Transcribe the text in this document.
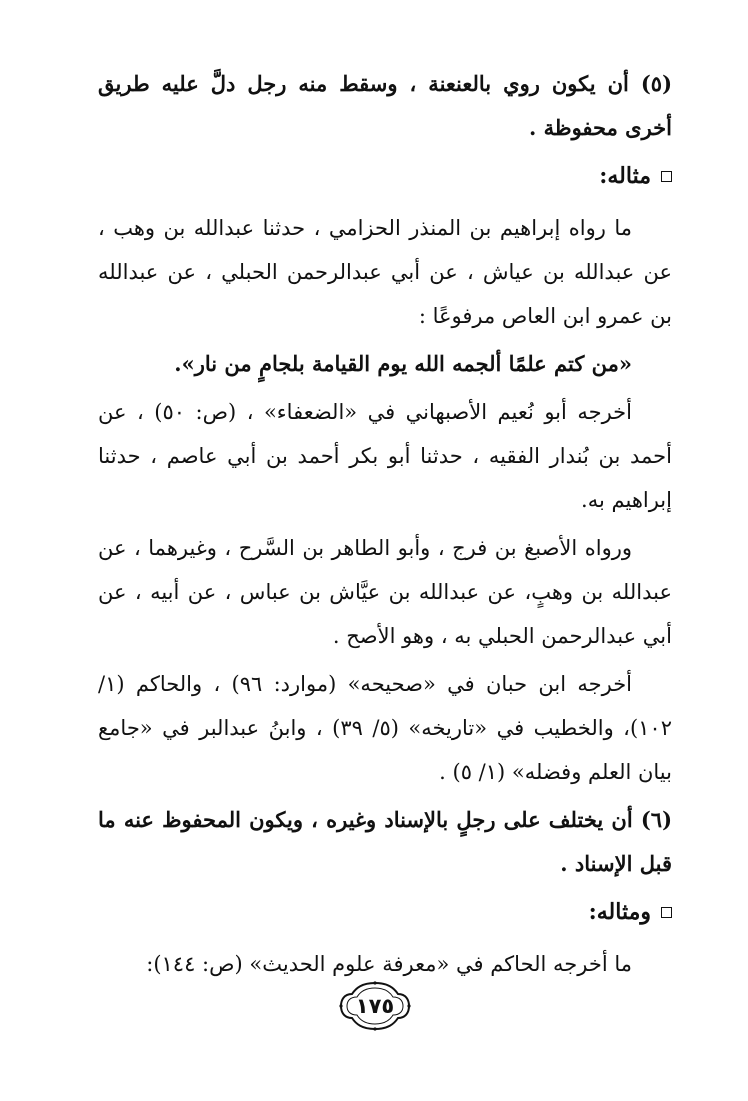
(٥) أن يكون روي بالعنعنة ، وسقط منه رجل دلَّ عليه طريق أخرى محفوظة .

مثاله:

ما رواه إبراهيم بن المنذر الحزامي ، حدثنا عبدالله بن وهب ، عن عبدالله بن عياش ، عن أبي عبدالرحمن الحبلي ، عن عبدالله بن عمرو ابن العاص مرفوعًا :

«من كتم علمًا ألجمه الله يوم القيامة بلجامٍ من نار».

أخرجه أبو نُعيم الأصبهاني في «الضعفاء» ، (ص: ٥٠) ، عن أحمد بن بُندار الفقيه ، حدثنا أبو بكر أحمد بن أبي عاصم ، حدثنا إبراهيم به.

ورواه الأصبغ بن فرج ، وأبو الطاهر بن السَّرح ، وغيرهما ، عن عبدالله بن وهبٍ، عن عبدالله بن عيَّاش بن عباس ، عن أبيه ، عن أبي عبدالرحمن الحبلي به ، وهو الأصح .

أخرجه ابن حبان في «صحيحه» (موارد: ٩٦) ، والحاكم (١/ ١٠٢)، والخطيب في «تاريخه» (٥/ ٣٩) ، وابنُ عبدالبر في «جامع بيان العلم وفضله» (١/ ٥) .

(٦) أن يختلف على رجلٍ بالإسناد وغيره ، ويكون المحفوظ عنه ما قبل الإسناد .

ومثاله:

ما أخرجه الحاكم في «معرفة علوم الحديث» (ص: ١٤٤):

١٧٥
